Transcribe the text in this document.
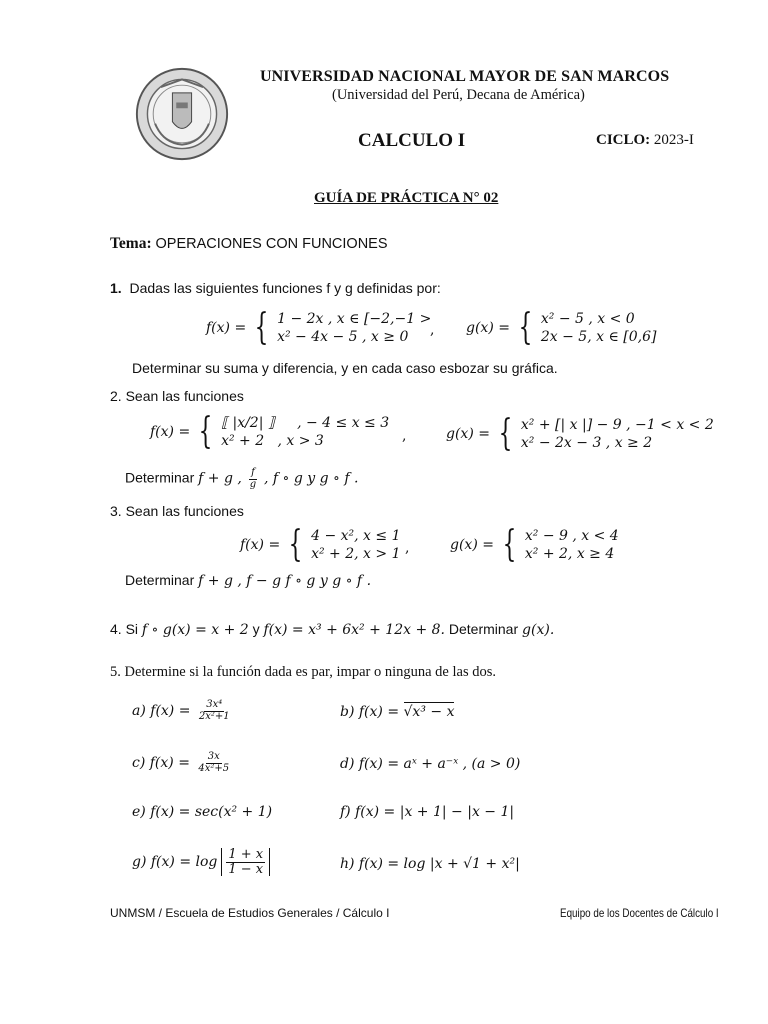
UNIVERSIDAD NACIONAL MAYOR DE SAN MARCOS
(Universidad del Perú, Decana de América)
CALCULO I	CICLO: 2023-I
GUÍA DE PRÁCTICA N° 02
Tema: OPERACIONES CON FUNCIONES
1. Dadas las siguientes funciones f y g definidas por:
f(x) = { 1 − 2x , x ∈ [−2,−1 >
x² − 4x − 5 , x ≥ 0	, g(x) = { x² − 5 , x < 0
2x − 5, x ∈ [0,6]
Determinar su suma y diferencia, y en cada caso esbozar su gráfica.
2. Sean las funciones
f(x) = { ⟦ |x/2| ⟧ , − 4 ≤ x ≤ 3
x² + 2 , x > 3	,	g(x) = { x² + [| x |] − 9 , −1 < x < 2
x² − 2x − 3 , x ≥ 2
Determinar f + g , $\frac{f}{g}$ , f ∘ g y g ∘ f .
3. Sean las funciones
f(x) = { 4 − x², x ≤ 1
x² + 2, x > 1 ,	g(x) = { x² − 9 , x < 4
x² + 2, x ≥ 4
Determinar f + g , f − g f ∘ g y g ∘ f .
4. Si f ∘ g(x) = x + 2 y f(x) = x³ + 6x² + 12x + 8. Determinar g(x).
5. Determine si la función dada es par, impar o ninguna de las dos.
a) $f(x) = \frac{\text{3x⁴}}{\text{2x²+1}}$	b) f(x) = √x³ − x
c) $f(x) = \frac{3x}{\text{4x²+5}}$	d) f(x) = aˣ + a⁻ˣ , (a > 0)
e) f(x) = sec(x² + 1)	f) f(x) = |x + 1| − |x − 1|
g) $f(x) = \log \frac{1 + x}{1 - x}$	h) f(x) = log |x + √1 + x²|
UNMSM / Escuela de Estudios Generales / Cálculo I	Equipo de los Docentes de Cálculo I
